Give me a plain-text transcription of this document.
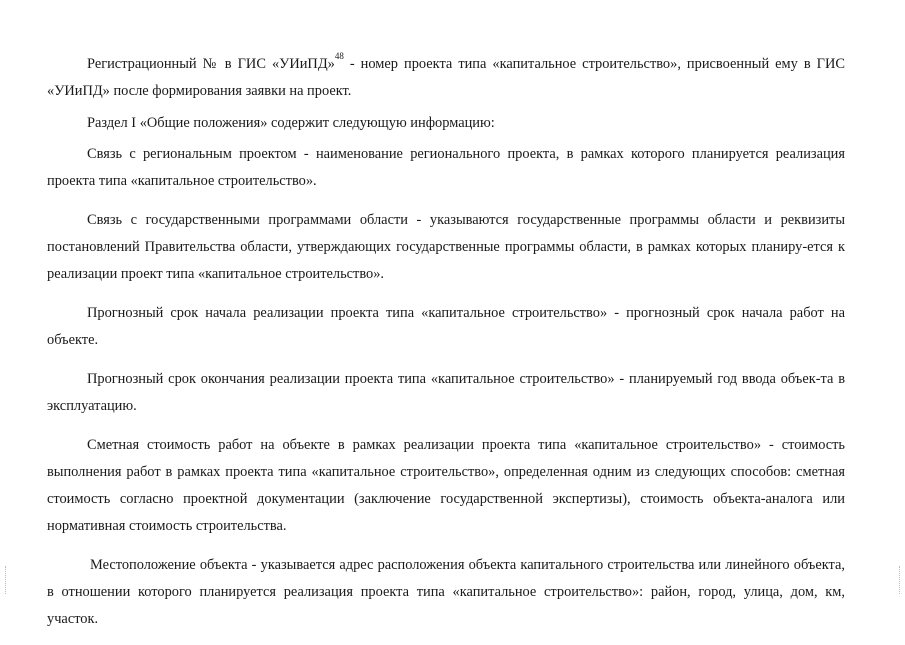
Регистрационный № в ГИС «УИиПД»$^{48}$ - номер проекта типа «капитальное строительство», присвоенный ему в ГИС «УИиПД» после формирования заявки на проект.

Раздел I «Общие положения» содержит следующую информацию:

Связь с региональным проектом - наименование регионального проекта, в рамках которого планируется реализация проекта типа «капитальное строительство».

Связь с государственными программами области - указываются государственные программы области и реквизиты постановлений Правительства области, утверждающих государственные программы области, в рамках которых планиру-ется к реализации проект типа «капитальное строительство».

Прогнозный срок начала реализации проекта типа «капитальное строительство» - прогнозный срок начала работ на объекте.

Прогнозный срок окончания реализации проекта типа «капитальное строительство» - планируемый год ввода объек-та в эксплуатацию.

Сметная стоимость работ на объекте в рамках реализации проекта типа «капитальное строительство» - стоимость выполнения работ в рамках проекта типа «капитальное строительство», определенная одним из следующих способов: сметная стоимость согласно проектной документации (заключение государственной экспертизы), стоимость объекта-аналога или нормативная стоимость строительства.

Местоположение объекта - указывается адрес расположения объекта капитального строительства или линейного объекта, в отношении которого планируется реализация проекта типа «капитальное строительство»: район, город, улица, дом, км, участок.
